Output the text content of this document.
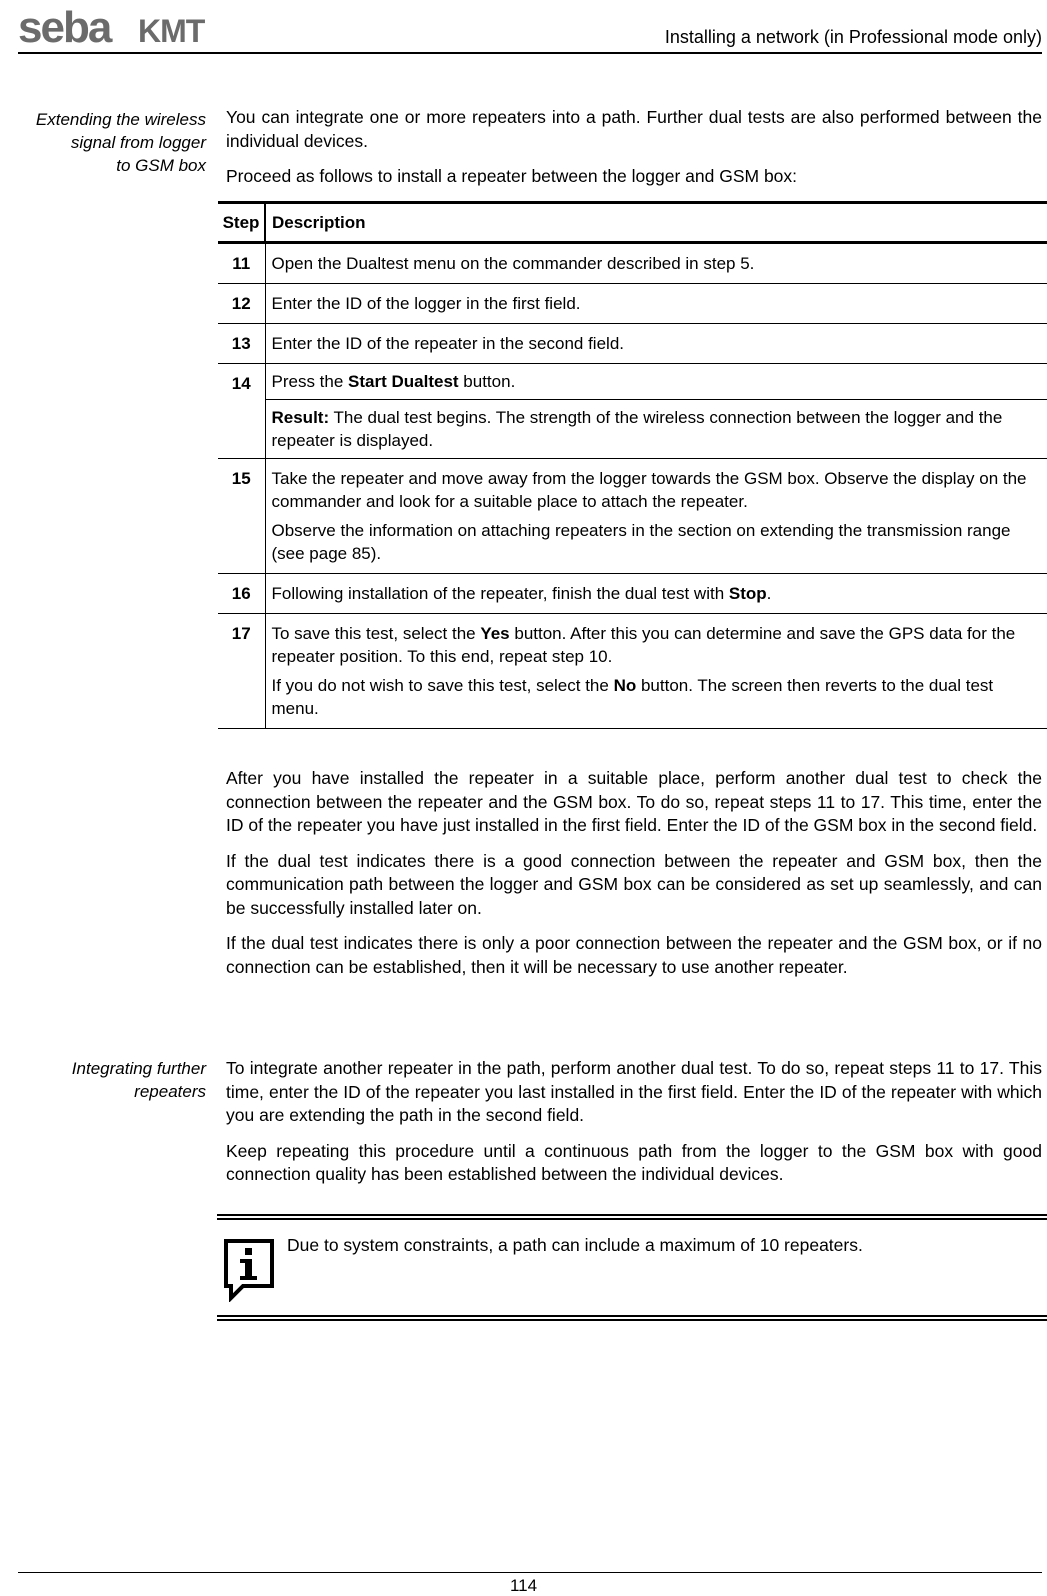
seba KMT	Installing a network (in Professional mode only)
Extending the wireless
signal from logger
to GSM box

You can integrate one or more repeaters into a path. Further dual tests are also performed between the individual devices.

Proceed as follows to install a repeater between the logger and GSM box:

Step	Description
11	Open the Dualtest menu on the commander described in step 5.
12	Enter the ID of the logger in the first field.
13	Enter the ID of the repeater in the second field.
14	Press the Start Dualtest button.
	Result: The dual test begins. The strength of the wireless connection between the logger and the repeater is displayed.
15	Take the repeater and move away from the logger towards the GSM box. Observe the display on the commander and look for a suitable place to attach the repeater.
Observe the information on attaching repeaters in the section on extending the transmission range (see page 85).

16	Following installation of the repeater, finish the dual test with Stop.
17	To save this test, select the Yes button. After this you can determine and save the GPS data for the repeater position. To this end, repeat step 10.
If you do not wish to save this test, select the No button. The screen then reverts to the dual test menu.

After you have installed the repeater in a suitable place, perform another dual test to check the connection between the repeater and the GSM box. To do so, repeat steps 11 to 17. This time, enter the ID of the repeater you have just installed in the first field. Enter the ID of the GSM box in the second field.

If the dual test indicates there is a good connection between the repeater and GSM box, then the communication path between the logger and GSM box can be considered as set up seamlessly, and can be successfully installed later on.

If the dual test indicates there is only a poor connection between the repeater and the GSM box, or if no connection can be established, then it will be necessary to use another repeater.

Integrating further
repeaters

To integrate another repeater in the path, perform another dual test. To do so, repeat steps 11 to 17. This time, enter the ID of the repeater you last installed in the first field. Enter the ID of the repeater with which you are extending the path in the second field.

Keep repeating this procedure until a continuous path from the logger to the GSM box with good connection quality has been established between the individual devices.

Due to system constraints, a path can include a maximum of 10 repeaters.
114
